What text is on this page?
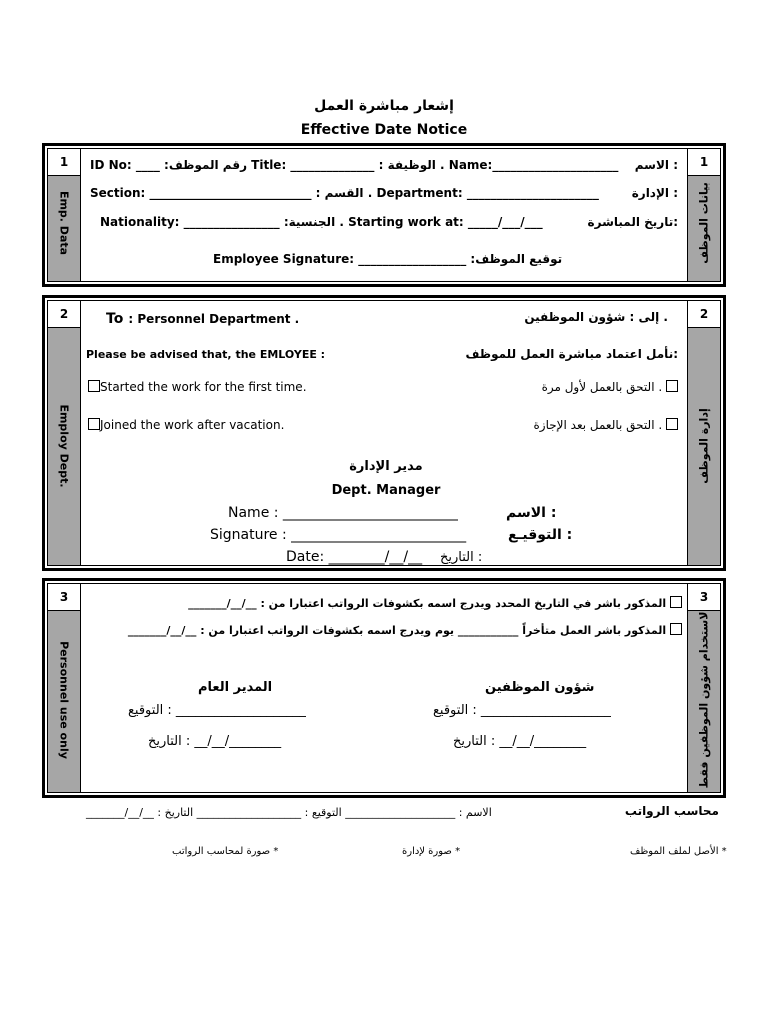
إشعار مباشرة العمل
Effective Date Notice
1
Emp. Data
1
بيانات الموظف
ID No: ____ :رقم الموظف Title: ______________ : الوظيفة . Name:_____________________ : الاسم
Section: ___________________________ : القسم . Department: ______________________	: الإدارة
Nationality: ________________ :الجنسية . Starting work at: _____/___/___	:تاريخ المباشرة
Employee Signature: __________________ :توقيع الموظف
2
Employ Dept.
2
إدارة الموظف
To : Personnel Department .	. إلى : شؤون الموظفين
Please be advised that, the EMLOYEE :	:نأمل اعتماد مباشرة العمل للموظف
Started the work for the first time.	. التحق بالعمل لأول مرة
Joined the work after vacation.	. التحق بالعمل بعد الإجازة
مدير الإدارة
Dept. Manager
Name : _________________________	: الاسم
Signature : _________________________	: التوقيـع
Date: ________/__/__ : التاريخ
3
Personnel use only
3
لاستخدام شؤون الموظفين فقط
المذكور باشر في التاريخ المحدد ويدرج اسمه بكشوفات الرواتب اعتبارا من : __/__/_______
المذكور باشر العمل متأخراً ___________ يوم ويدرج اسمه بكشوفات الرواتب اعتبارا من : __/__/_______
المدير العام	شؤون الموظفين
____________________ : التوقيع	____________________ : التوقيع
________/__/__ : التاريخ	________/__/__ : التاريخ
محاسب الرواتب
الاسم : ____________________ التوقيع : ___________________ التاريخ : __/__/_______
* الأصل لملف الموظف
* صورة لإدارة
* صورة لمحاسب الرواتب
